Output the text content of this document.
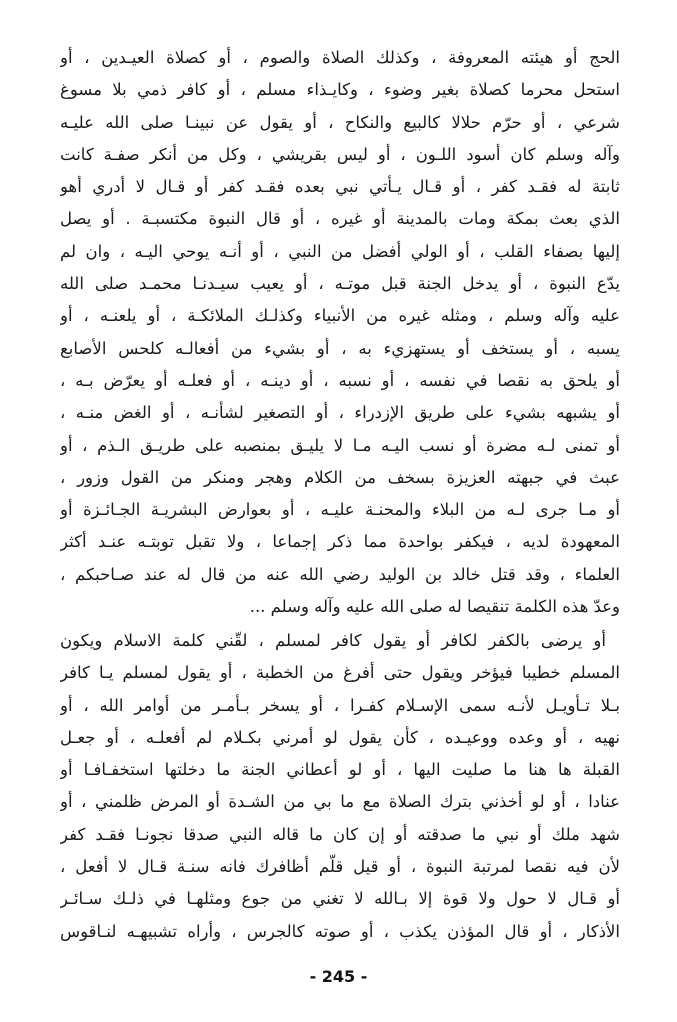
الحج أو هيئته المعروفة ، وكذلك الصلاة والصوم ، أو كصلاة العيـدين ، أو
استحل محرما كصلاة بغير وضوء ، وكايـذاء مسلم ، أو كافر ذمي بلا مسوغ
شرعي ، أو حرّم حلالا كالبيع والنكاح ، أو يقول عن نبينـا صلى الله عليـه
وآله وسلم كان أسود اللـون ، أو ليس بقريشي ، وكل من أنكر صفـة كانت
ثابتة له فقـد كفر ، أو قـال يـأتي نبي بعده فقـد كفر أو قـال لا أدري أهو
الذي بعث بمكة ومات بالمدينة أو غيره ، أو قال النبوة مكتسبـة . أو يصل
إليها بصفاء القلب ، أو الولي أفضل من النبي ، أو أنـه يوحي اليـه ، وان لم
يدّع النبوة ، أو يدخل الجنة قبل موتـه ، أو يعيب سيـدنـا محمـد صلى الله
عليه وآله وسلم ، ومثله غيره من الأنبياء وكذلـك الملائكـة ، أو يلعنـه ، أو
يسبه ، أو يستخف أو يستهزيء به ، أو بشيء من أفعالـه كلحس الأصابع
أو يلحق به نقصا في نفسه ، أو نسبه ، أو دينـه ، أو فعلـه أو يعرّض بـه ،
أو يشبهه بشيء على طريق الإزدراء ، أو التصغير لشأنـه ، أو الغض منـه ،
أو تمنى لـه مضرة أو نسب اليـه مـا لا يليـق بمنصبه على طريـق الـذم ، أو
عبث في جبهته العزيزة بسخف من الكلام وهجر ومنكر من القول وزور ،
أو مـا جرى لـه من البلاء والمحنـة عليـه ، أو بعوارض البشريـة الجـائـزة أو
المعهودة لديه ، فيكفر بواحدة مما ذكر إجماعا ، ولا تقبل توبتـه عنـد أكثر
العلماء ، وقد قتل خالد بن الوليد رضي الله عنه من قال له عند صـاحبكم ،
وعدّ هذه الكلمة تنقيصا له صلى الله عليه وآله وسلم ...
أو يرضى بالكفر لكافر أو يقول كافر لمسلم ، لقّني كلمة الاسلام ويكون
المسلم خطيبا فيؤخر ويقول حتى أفرغ من الخطبة ، أو يقول لمسلم يـا كافر
بـلا تـأويـل لأنـه سمى الإسـلام كفـرا ، أو يسخر بـأمـر من أوامر الله ، أو
نهيه ، أو وعده ووعيـده ، كأن يقول لو أمرني بكـلام لم أفعلـه ، أو جعـل
القبلة ها هنا ما صليت اليها ، أو لو أعطاني الجنة ما دخلتها استخفـافـا أو
عنادا ، أو لو أخذني بترك الصلاة مع ما بي من الشـدة أو المرض ظلمني ، أو
شهد ملك أو نبي ما صدقته أو إن كان ما قاله النبي صدقا نجونـا فقـد كفر
لأن فيه نقصا لمرتبة النبوة ، أو قيل قلّم أظافرك فانه سنـة قـال لا أفعل ،
أو قـال لا حول ولا قوة إلا بـالله لا تغني من جوع ومثلهـا في ذلـك سـائـر
الأذكار ، أو قال المؤذن يكذب ، أو صوته كالجرس ، وأراه تشبيهـه لنـاقوس
- 245 -
